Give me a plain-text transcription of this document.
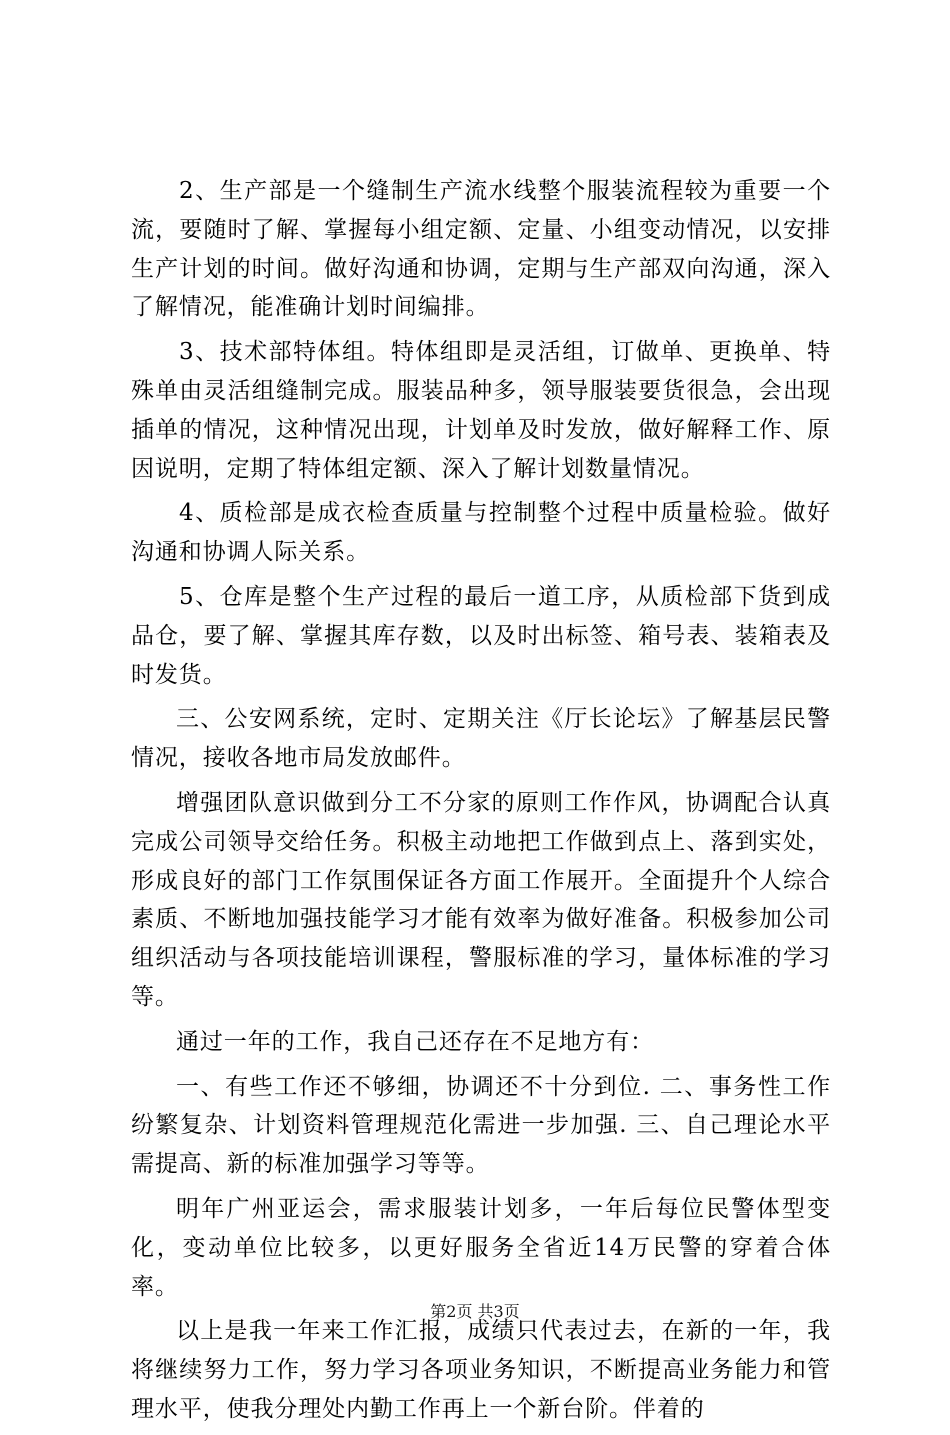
2、生产部是一个缝制生产流水线整个服装流程较为重要一个流，要随时了解、掌握每小组定额、定量、小组变动情况，以安排生产计划的时间。做好沟通和协调，定期与生产部双向沟通，深入了解情况，能准确计划时间编排。

3、技术部特体组。特体组即是灵活组，订做单、更换单、特殊单由灵活组缝制完成。服装品种多，领导服装要货很急，会出现插单的情况，这种情况出现，计划单及时发放，做好解释工作、原因说明，定期了特体组定额、深入了解计划数量情况。

4、质检部是成衣检查质量与控制整个过程中质量检验。做好沟通和协调人际关系。

5、仓库是整个生产过程的最后一道工序，从质检部下货到成品仓，要了解、掌握其库存数，以及时出标签、箱号表、装箱表及时发货。

三、公安网系统，定时、定期关注《厅长论坛》了解基层民警情况，接收各地市局发放邮件。

增强团队意识做到分工不分家的原则工作作风，协调配合认真完成公司领导交给任务。积极主动地把工作做到点上、落到实处，形成良好的部门工作氛围保证各方面工作展开。全面提升个人综合素质、不断地加强技能学习才能有效率为做好准备。积极参加公司组织活动与各项技能培训课程，警服标准的学习，量体标准的学习等。

通过一年的工作，我自己还存在不足地方有：

一、有些工作还不够细，协调还不十分到位. 二、事务性工作纷繁复杂、计划资料管理规范化需进一步加强. 三、自己理论水平需提高、新的标准加强学习等等。

明年广州亚运会，需求服装计划多，一年后每位民警体型变化，变动单位比较多，以更好服务全省近14万民警的穿着合体率。

以上是我一年来工作汇报，成绩只代表过去，在新的一年，我将继续努力工作，努力学习各项业务知识，不断提高业务能力和管理水平，使我分理处内勤工作再上一个新台阶。伴着的

第2页 共3页
